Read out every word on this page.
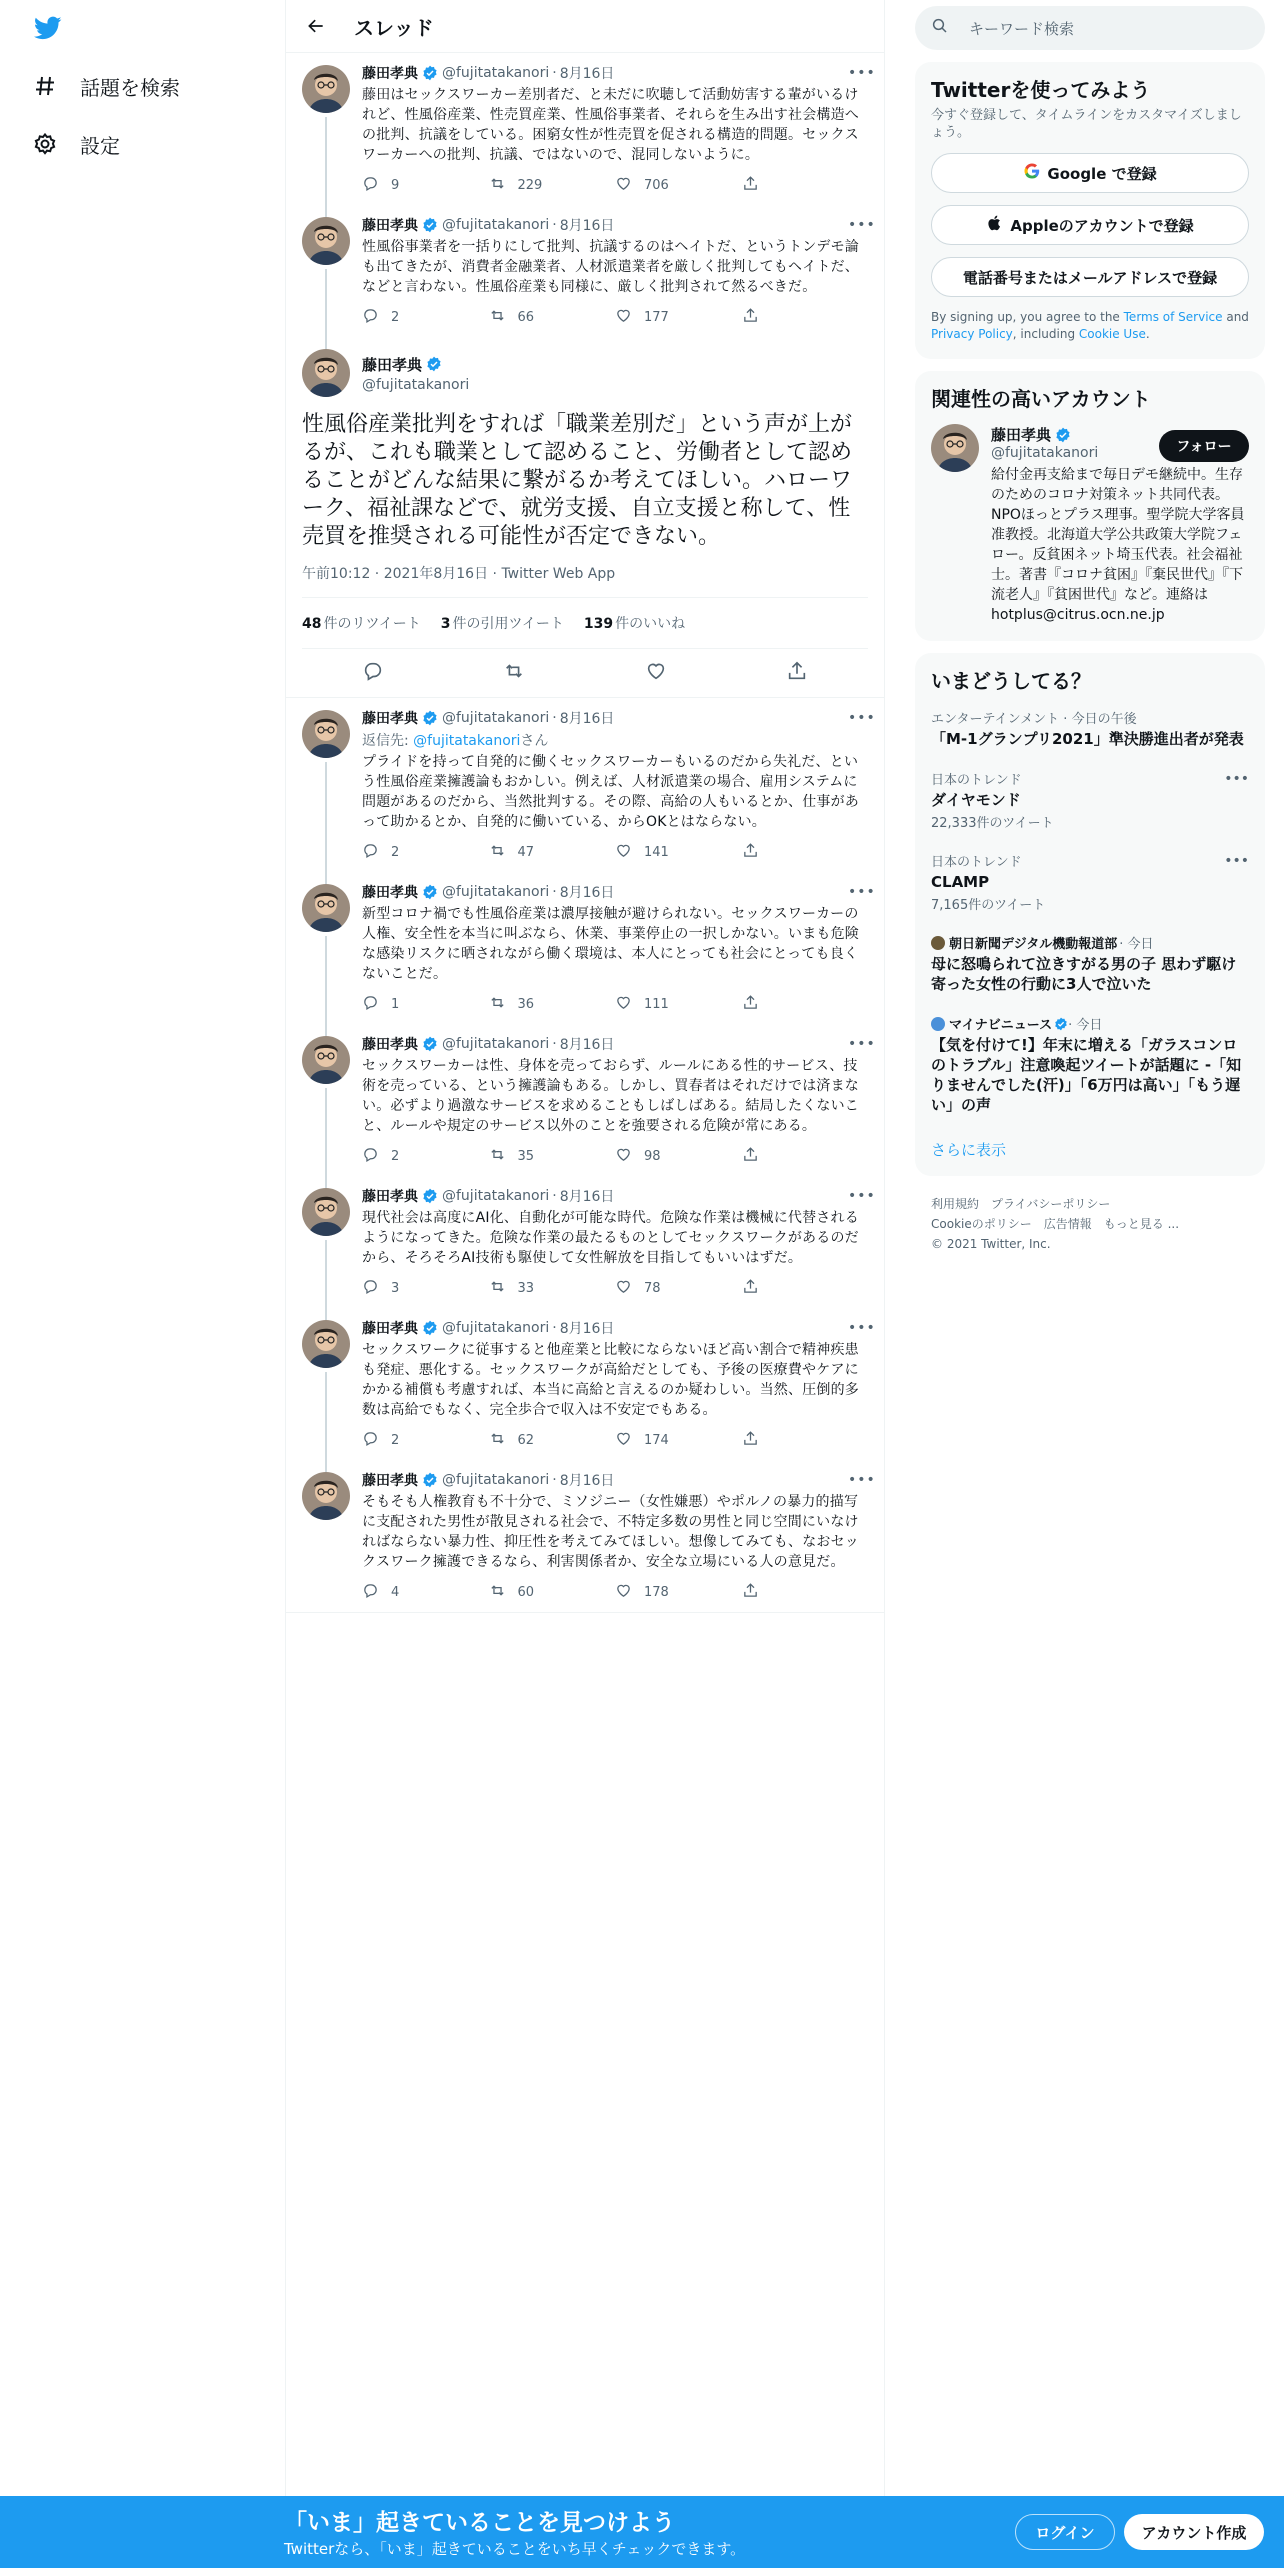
話題を検索
設定
スレッド
•••
藤田孝典 @fujitatakanori · 8月16日
藤田はセックスワーカー差別者だ、と未だに吹聴して活動妨害する輩がいるけれど、性風俗産業、性売買産業、性風俗事業者、それらを生み出す社会構造への批判、抗議をしている。困窮女性が性売買を促される構造的問題。セックスワーカーへの批判、抗議、ではないので、混同しないように。
9	229	706
•••
藤田孝典 @fujitatakanori · 8月16日
性風俗事業者を一括りにして批判、抗議するのはヘイトだ、というトンデモ論も出てきたが、消費者金融業者、人材派遣業者を厳しく批判してもヘイトだ、などと言わない。性風俗産業も同様に、厳しく批判されて然るべきだ。
2	66	177
藤田孝典
@fujitatakanori
性風俗産業批判をすれば「職業差別だ」という声が上がるが、これも職業として認めること、労働者として認めることがどんな結果に繋がるか考えてほしい。ハローワーク、福祉課などで、就労支援、自立支援と称して、性売買を推奨される可能性が否定できない。
午前10:12 · 2021年8月16日 · Twitter Web App
48 件のリツイート 3 件の引用ツイート 139 件のいいね
•••
藤田孝典 @fujitatakanori · 8月16日
返信先: @fujitatakanoriさん
プライドを持って自発的に働くセックスワーカーもいるのだから失礼だ、という性風俗産業擁護論もおかしい。例えば、人材派遣業の場合、雇用システムに問題があるのだから、当然批判する。その際、高給の人もいるとか、仕事があって助かるとか、自発的に働いている、からOKとはならない。
2	47	141
•••
藤田孝典 @fujitatakanori · 8月16日
新型コロナ禍でも性風俗産業は濃厚接触が避けられない。セックスワーカーの人権、安全性を本当に叫ぶなら、休業、事業停止の一択しかない。いまも危険な感染リスクに晒されながら働く環境は、本人にとっても社会にとっても良くないことだ。
1	36	111
•••
藤田孝典 @fujitatakanori · 8月16日
セックスワーカーは性、身体を売っておらず、ルールにある性的サービス、技術を売っている、という擁護論もある。しかし、買春者はそれだけでは済まない。必ずより過激なサービスを求めることもしばしばある。結局したくないこと、ルールや規定のサービス以外のことを強要される危険が常にある。
2	35	98
•••
藤田孝典 @fujitatakanori · 8月16日
現代社会は高度にAI化、自動化が可能な時代。危険な作業は機械に代替されるようになってきた。危険な作業の最たるものとしてセックスワークがあるのだから、そろそろAI技術も駆使して女性解放を目指してもいいはずだ。
3	33	78
•••
藤田孝典 @fujitatakanori · 8月16日
セックスワークに従事すると他産業と比較にならないほど高い割合で精神疾患も発症、悪化する。セックスワークが高給だとしても、予後の医療費やケアにかかる補償も考慮すれば、本当に高給と言えるのか疑わしい。当然、圧倒的多数は高給でもなく、完全歩合で収入は不安定でもある。
2	62	174
•••
藤田孝典 @fujitatakanori · 8月16日
そもそも人権教育も不十分で、ミソジニー（女性嫌悪）やポルノの暴力的描写に支配された男性が散見される社会で、不特定多数の男性と同じ空間にいなければならない暴力性、抑圧性を考えてみてほしい。想像してみても、なおセックスワーク擁護できるなら、利害関係者か、安全な立場にいる人の意見だ。
4	60	178
キーワード検索
Twitterを使ってみよう
今すぐ登録して、タイムラインをカスタマイズしましょう。
Google で登録
Appleのアカウントで登録
電話番号またはメールアドレスで登録
By signing up, you agree to the Terms of Service and Privacy Policy, including Cookie Use.
関連性の高いアカウント
藤田孝典
@fujitatakanori
給付金再支給まで毎日デモ継続中。生存のためのコロナ対策ネット共同代表。NPOほっとプラス理事。聖学院大学客員准教授。北海道大学公共政策大学院フェロー。反貧困ネット埼玉代表。社会福祉士。著書『コロナ貧困』『棄民世代』『下流老人』『貧困世代』など。連絡はhotplus@citrus.ocn.ne.jp
フォロー
いまどうしてる？
エンターテインメント · 今日の午後
「M-1グランプリ2021」準決勝進出者が発表
日本のトレンド
ダイヤモンド
22,333件のツイート
•••
日本のトレンド
CLAMP
7,165件のツイート
•••
朝日新聞デジタル機動報道部 · 今日
母に怒鳴られて泣きすがる男の子 思わず駆け寄った女性の行動に3人で泣いた
マイナビニュース · 今日
【気を付けて!】年末に増える「ガラスコンロのトラブル」注意喚起ツイートが話題に -「知りませんでした(汗)」「6万円は高い」「もう遅い」の声
さらに表示
利用規約 プライバシーポリシー
Cookieのポリシー 広告情報 もっと見る ...
© 2021 Twitter, Inc.
「いま」起きていることを見つけよう
Twitterなら、「いま」起きていることをいち早くチェックできます。
ログイン	アカウント作成
